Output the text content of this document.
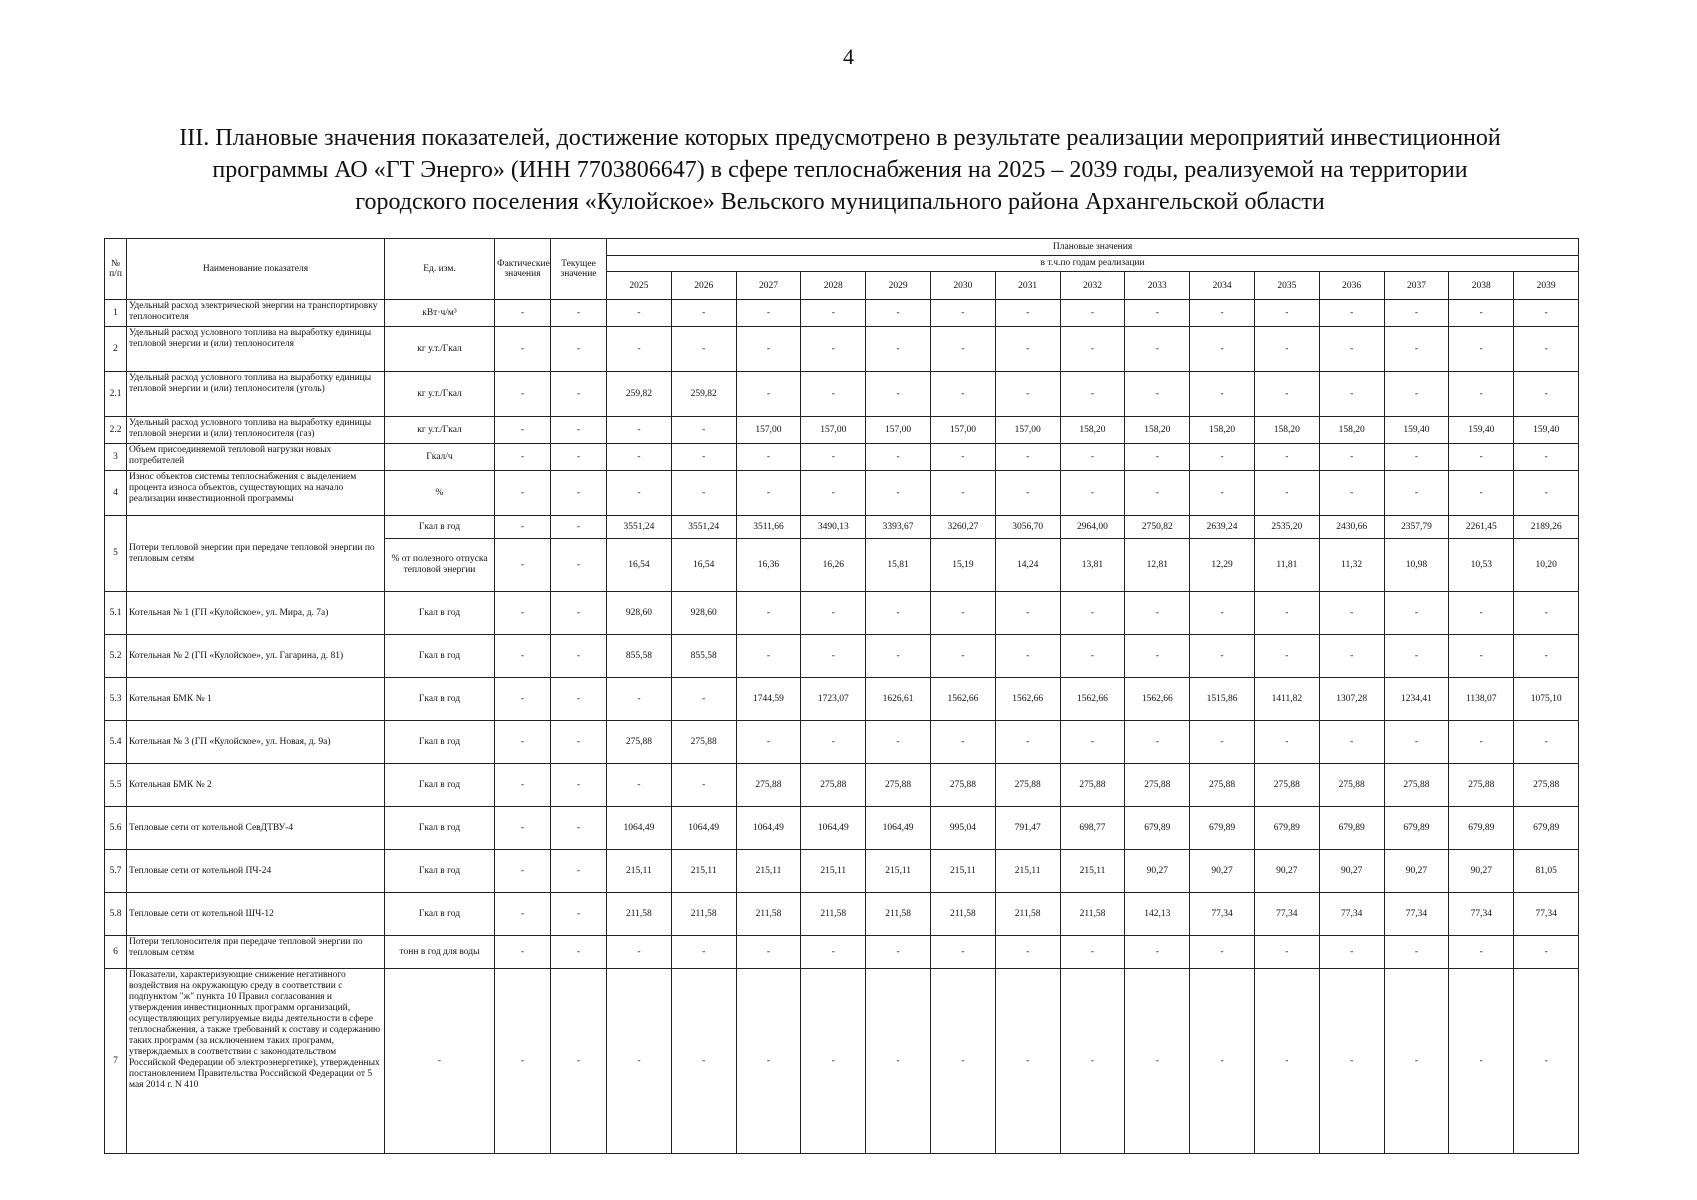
4
III. Плановые значения показателей, достижение которых предусмотрено в результате реализации мероприятий инвестиционной
программы АО «ГТ Энерго» (ИНН 7703806647) в сфере теплоснабжения на 2025 – 2039 годы, реализуемой на территории
городского поселения «Кулойское» Вельского муниципального района Архангельской области
№ п/п	Наименование показателя	Ед. изм.	Фактические значения	Текущее значение	Плановые значения														
					в т.ч.по годам реализации														
					2025	2026	2027	2028	2029	2030	2031	2032	2033	2034	2035	2036	2037	2038	2039
1	Удельный расход электрической энергии на транспортировку теплоносителя	кВт·ч/м³	-	-	-	-	-	-	-	-	-	-	-	-	-	-	-	-	-
2	Удельный расход условного топлива на выработку единицы тепловой энергии и (или) теплоносителя	кг у.т./Гкал	-	-	-	-	-	-	-	-	-	-	-	-	-	-	-	-	-
2.1	Удельный расход условного топлива на выработку единицы тепловой энергии и (или) теплоносителя (уголь)	кг у.т./Гкал	-	-	259,82	259,82	-	-	-	-	-	-	-	-	-	-	-	-	-
2.2	Удельный расход условного топлива на выработку единицы тепловой энергии и (или) теплоносителя (газ)	кг у.т./Гкал	-	-	-	-	157,00	157,00	157,00	157,00	157,00	158,20	158,20	158,20	158,20	158,20	159,40	159,40	159,40
3	Объем присоединяемой тепловой нагрузки новых потребителей	Гкал/ч	-	-	-	-	-	-	-	-	-	-	-	-	-	-	-	-	-
4	Износ объектов системы теплоснабжения с выделением процента износа объектов, существующих на начало реализации инвестиционной программы	%	-	-	-	-	-	-	-	-	-	-	-	-	-	-	-	-	-
5	Потери тепловой энергии при передаче тепловой энергии по тепловым сетям	Гкал в год	-	-	3551,24	3551,24	3511,66	3490,13	3393,67	3260,27	3056,70	2964,00	2750,82	2639,24	2535,20	2430,66	2357,79	2261,45	2189,26
		% от полезного отпуска тепловой энергии	-	-	16,54	16,54	16,36	16,26	15,81	15,19	14,24	13,81	12,81	12,29	11,81	11,32	10,98	10,53	10,20
5.1	Котельная № 1 (ГП «Кулойское», ул. Мира, д. 7а)	Гкал в год	-	-	928,60	928,60	-	-	-	-	-	-	-	-	-	-	-	-	-
5.2	Котельная № 2 (ГП «Кулойское», ул. Гагарина, д. 81)	Гкал в год	-	-	855,58	855,58	-	-	-	-	-	-	-	-	-	-	-	-	-
5.3	Котельная БМК № 1	Гкал в год	-	-	-	-	1744,59	1723,07	1626,61	1562,66	1562,66	1562,66	1562,66	1515,86	1411,82	1307,28	1234,41	1138,07	1075,10
5.4	Котельная № 3 (ГП «Кулойское», ул. Новая, д. 9а)	Гкал в год	-	-	275,88	275,88	-	-	-	-	-	-	-	-	-	-	-	-	-
5.5	Котельная БМК № 2	Гкал в год	-	-	-	-	275,88	275,88	275,88	275,88	275,88	275,88	275,88	275,88	275,88	275,88	275,88	275,88	275,88
5.6	Тепловые сети от котельной СевДТВУ-4	Гкал в год	-	-	1064,49	1064,49	1064,49	1064,49	1064,49	995,04	791,47	698,77	679,89	679,89	679,89	679,89	679,89	679,89	679,89
5.7	Тепловые сети от котельной ПЧ-24	Гкал в год	-	-	215,11	215,11	215,11	215,11	215,11	215,11	215,11	215,11	90,27	90,27	90,27	90,27	90,27	90,27	81,05
5.8	Тепловые сети от котельной ШЧ-12	Гкал в год	-	-	211,58	211,58	211,58	211,58	211,58	211,58	211,58	211,58	142,13	77,34	77,34	77,34	77,34	77,34	77,34
6	Потери теплоносителя при передаче тепловой энергии по тепловым сетям	тонн в год для воды	-	-	-	-	-	-	-	-	-	-	-	-	-	-	-	-	-
7	Показатели, характеризующие снижение негативного воздействия на окружающую среду в соответствии с подпунктом "ж" пункта 10 Правил согласования и утверждения инвестиционных программ организаций, осуществляющих регулируемые виды деятельности в сфере теплоснабжения, а также требований к составу и содержанию таких программ (за исключением таких программ, утверждаемых в соответствии с законодательством Российской Федерации об электроэнергетике), утвержденных постановлением Правительства Российской Федерации от 5 мая 2014 г. N 410	-	-	-	-	-	-	-	-	-	-	-	-	-	-	-	-	-	-
